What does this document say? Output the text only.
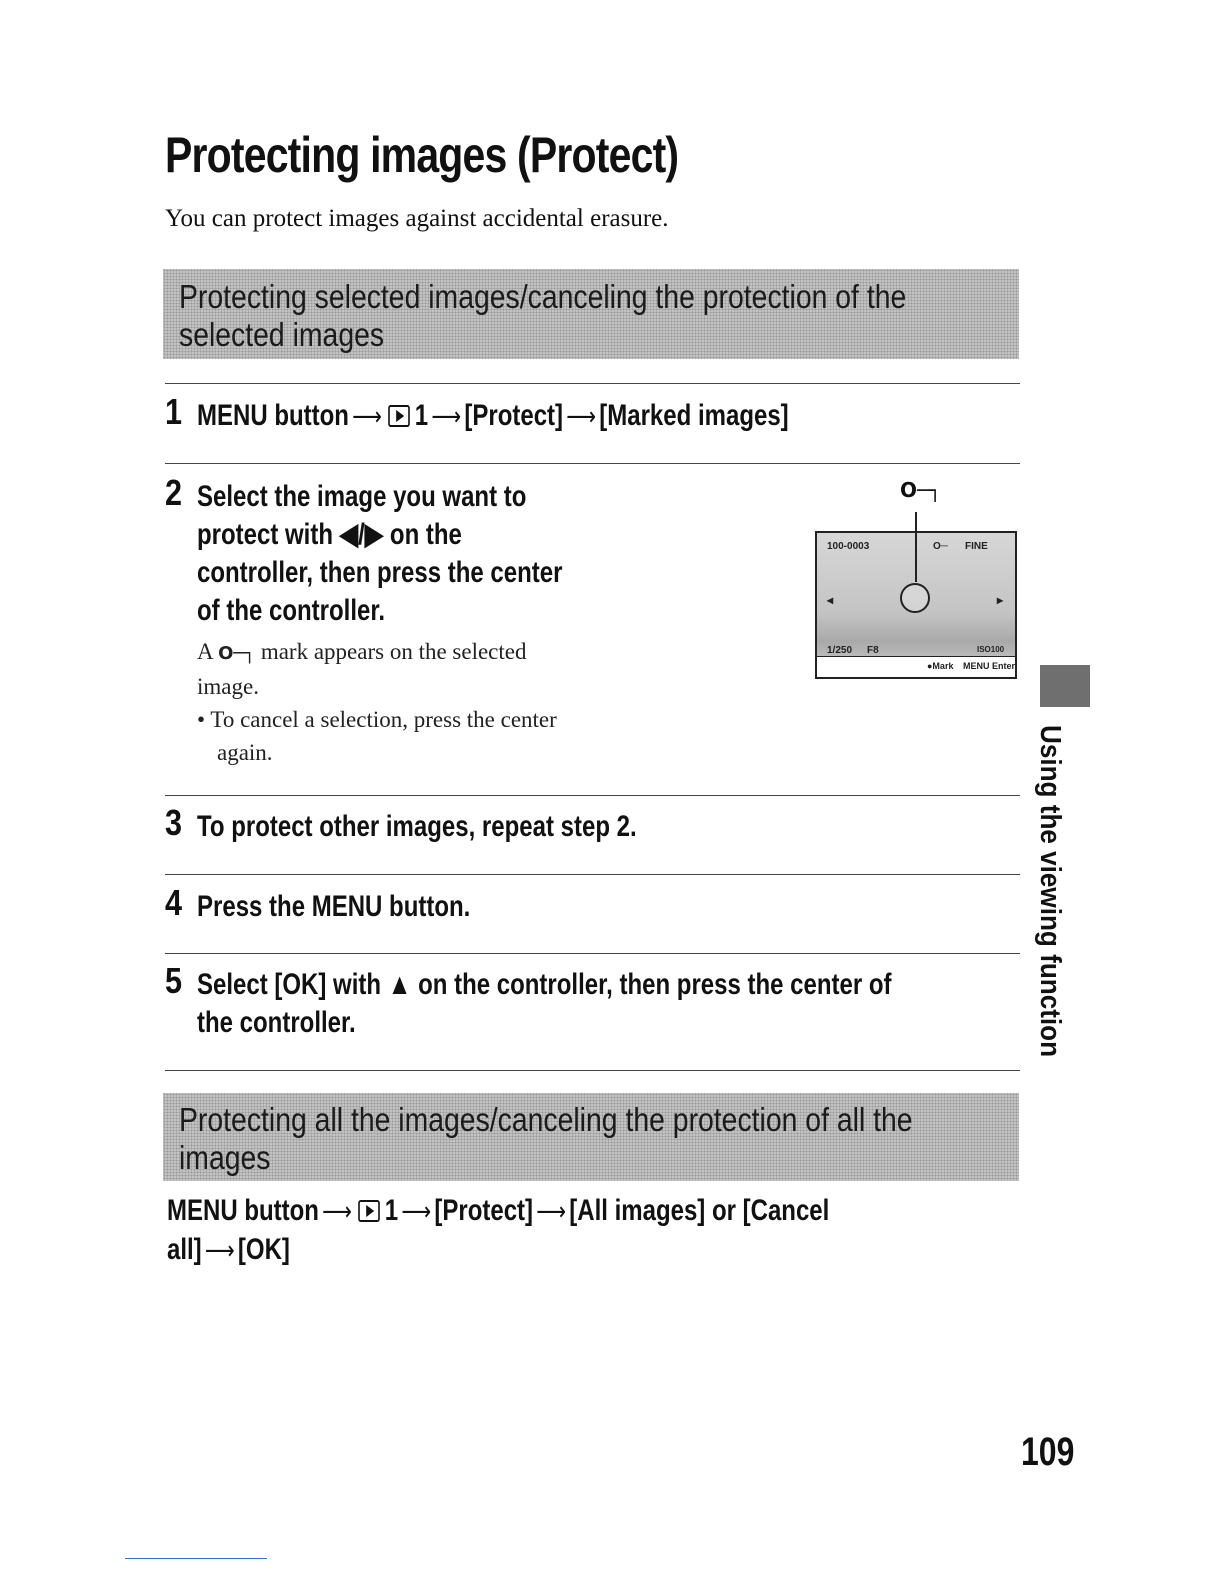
Protecting images (Protect)
You can protect images against accidental erasure.
Protecting selected images/canceling the protection of the
selected images
1 MENU button ⟶ 1 ⟶ [Protect] ⟶ [Marked images]
2 Select the image you want to
protect with ◀/▶ on the
controller, then press the center
of the controller.
A O─┐ mark appears on the selected
image.
• To cancel a selection, press the center
again.
O─┐
100-0003	O─ FINE
◂	▸
1/250 F8	ISO100
●Mark MENU Enter
3 To protect other images, repeat step 2.
4 Press the MENU button.
5 Select [OK] with ▲ on the controller, then press the center of
the controller.
Protecting all the images/canceling the protection of all the
images
MENU button ⟶ 1 ⟶ [Protect] ⟶ [All images] or [Cancel
all] ⟶ [OK]
Using the viewing function
109
